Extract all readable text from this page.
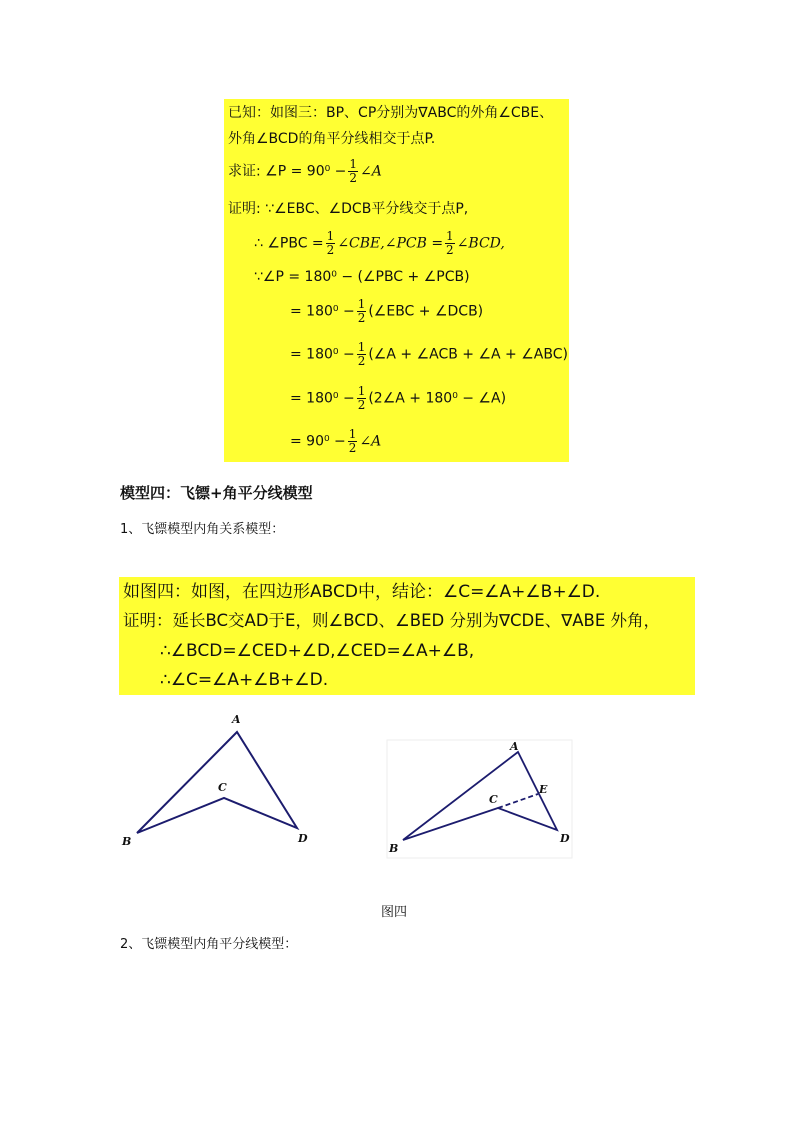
已知：如图三：BP、CP分别为∇ABC的外角∠CBE、
外角∠BCD的角平分线相交于点P.
求证: ∠P = $90^0 - \frac{1}{2}$ ∠A
证明: ∵∠EBC、∠DCB平分线交于点P,
∴ ∠PBC = $\frac{1}{2}$ ∠CBE,∠PCB = $\frac{1}{2}$ ∠BCD,
∵∠P = 180⁰ − (∠PBC + ∠PCB)
= $180^0 - \frac{1}{2}$ (∠EBC + ∠DCB)
= $180^0 - \frac{1}{2}$ (∠A + ∠ACB + ∠A + ∠ABC)
= $180^0 - \frac{1}{2}$ (2∠A + 180⁰ − ∠A)
= $90^0 - \frac{1}{2}$ ∠A
模型四：飞镖+角平分线模型
1、飞镖模型内角关系模型：
如图四：如图，在四边形ABCD中，结论：∠C=∠A+∠B+∠D.
证明：延长BC交AD于E，则∠BCD、∠BED 分别为∇CDE、∇ABE 外角，
∴∠BCD=∠CED+∠D,∠CED=∠A+∠B,
∴∠C=∠A+∠B+∠D.
A
B
C
D
A
B
C
D
E
图四
2、飞镖模型内角平分线模型：
